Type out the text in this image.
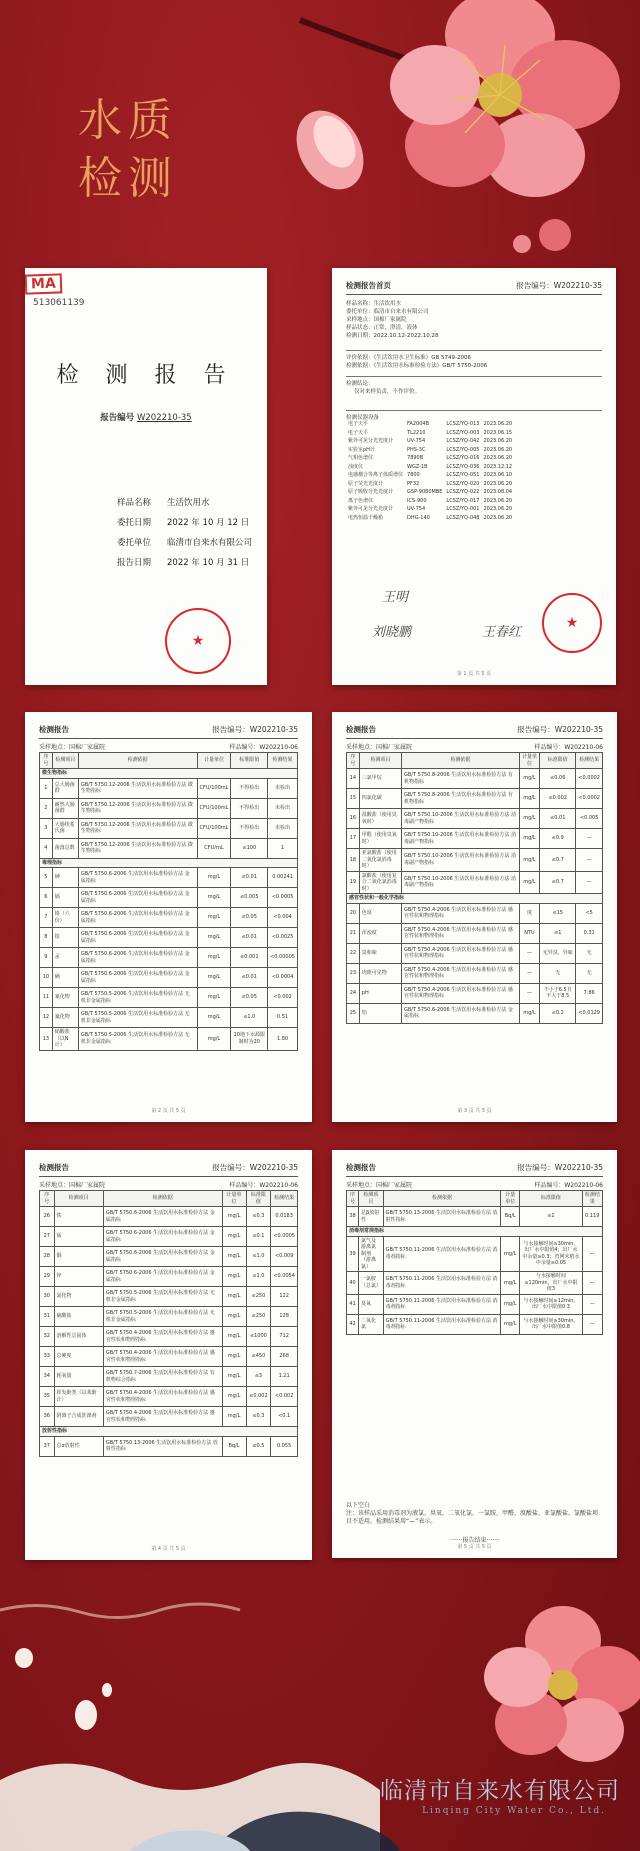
水质
检测
MA
513061139
检 测 报 告
报告编号 W202210-35
样品名称 生活饮用水
委托日期 2022 年 10 月 12 日
委托单位 临清市自来水有限公司
报告日期 2022 年 10 月 31 日
★
检测报告首页	报告编号：W202210-35
样品名称：生活饮用水
委托单位：临清市自来水有限公司
采样地点：国棉厂家属院
样品状态：正常，澄清，液体
检测日期：2022.10.12-2022.10.28
评价依据：《生活饮用水卫生标准》GB 5749-2006
检测依据：《生活饮用水标准检验方法》GB/T 5750-2006
检测结论：
仅对来样负责，不作评价。
检测仪器设备
电子天平	FA2004B	LCSZ/YQ-013	2023.06.20
电子天平	TL2210	LCSZ/YQ-003	2023.06.15
紫外可见分光光度计	UV-754	LCSZ/YQ-042	2023.06.20
实验室pH计	PHS-3C	LCSZ/YQ-005	2023.06.20
气相色谱仪	7890B	LCSZ/YQ-016	2023.06.20
浊度仪	WGZ-1B	LCSZ/YQ-036	2023.12.12
电感耦合等离子体质谱仪	7800	LCSZ/YQ-051	2023.06.10
原子荧光光度计	PF32	LCSZ/YQ-020	2023.06.20
原子吸收分光光度计	GSP-9080MBE	LCSZ/YQ-022	2023.08.04
离子色谱仪	ICS-900	LCSZ/YQ-017	2023.06.20
紫外可见分光光度计	UV-754	LCSZ/YQ-001	2023.06.20
电热恒温干燥箱	DHG-140	LCSZ/YQ-048	2023.06.20
王明
刘晓鹏	王春红
★
第 1 页 共 5 页
检测报告	报告编号：W202210-35
采样地点：国棉厂家属院	样品编号：W202210-06
序号	检测项目	检测依据	计量单位	标准限值	检测结果
微生物指标					
1	总大肠菌群	GB/T 5750.12-2006 生活饮用水标准检验方法 微生物指标	CFU/100mL	不得检出	未检出
2	耐热大肠菌群	GB/T 5750.12-2006 生活饮用水标准检验方法 微生物指标	CFU/100mL	不得检出	未检出
3	大肠埃希氏菌	GB/T 5750.12-2006 生活饮用水标准检验方法 微生物指标	CFU/100mL	不得检出	未检出
4	菌落总数	GB/T 5750.12-2006 生活饮用水标准检验方法 微生物指标	CFU/mL	≤100	1
毒理指标					
5	砷	GB/T 5750.6-2006 生活饮用水标准检验方法 金属指标	mg/L	≤0.01	0.00241
6	镉	GB/T 5750.6-2006 生活饮用水标准检验方法 金属指标	mg/L	≤0.005	<0.0005
7	铬（六价）	GB/T 5750.6-2006 生活饮用水标准检验方法 金属指标	mg/L	≤0.05	<0.004
8	铅	GB/T 5750.6-2006 生活饮用水标准检验方法 金属指标	mg/L	≤0.01	<0.0025
9	汞	GB/T 5750.6-2006 生活饮用水标准检验方法 金属指标	mg/L	≤0.001	<0.00005
10	硒	GB/T 5750.6-2006 生活饮用水标准检验方法 金属指标	mg/L	≤0.01	<0.0004
11	氰化物	GB/T 5750.5-2006 生活饮用水标准检验方法 无机非金属指标	mg/L	≤0.05	<0.002
12	氟化物	GB/T 5750.5-2006 生活饮用水标准检验方法 无机非金属指标	mg/L	≤1.0	0.51
13	硝酸盐（以N计）	GB/T 5750.5-2006 生活饮用水标准检验方法 无机非金属指标	mg/L	10地下水源限制时为20	1.80
第 2 页 共 5 页
检测报告	报告编号：W202210-35
采样地点：国棉厂家属院	样品编号：W202210-06
序号	检测项目	检测依据	计量单位	标准限值	检测结果
14	三氯甲烷	GB/T 5750.8-2006 生活饮用水标准检验方法 有机物指标	mg/L	≤0.06	<0.0002
15	四氯化碳	GB/T 5750.8-2006 生活饮用水标准检验方法 有机物指标	mg/L	≤0.002	<0.0002
16	溴酸盐（使用臭氧时）	GB/T 5750.10-2006 生活饮用水标准检验方法 消毒副产物指标	mg/L	≤0.01	<0.005
17	甲醛（使用臭氧时）	GB/T 5750.10-2006 生活饮用水标准检验方法 消毒副产物指标	mg/L	≤0.9	—
18	亚氯酸盐（使用二氧化氯消毒时）	GB/T 5750.10-2006 生活饮用水标准检验方法 消毒副产物指标	mg/L	≤0.7	—
19	氯酸盐（使用复合二氧化氯消毒时）	GB/T 5750.10-2006 生活饮用水标准检验方法 消毒副产物指标	mg/L	≤0.7	—
感官性状和一般化学指标					
20	色度	GB/T 5750.4-2006 生活饮用水标准检验方法 感官性状和物理指标	度	≤15	<5
21	浑浊度	GB/T 5750.4-2006 生活饮用水标准检验方法 感官性状和物理指标	NTU	≤1	0.31
22	臭和味	GB/T 5750.4-2006 生活饮用水标准检验方法 感官性状和物理指标	—	无异臭、异味	无
23	肉眼可见物	GB/T 5750.4-2006 生活饮用水标准检验方法 感官性状和物理指标	—	无	无
24	pH	GB/T 5750.4-2006 生活饮用水标准检验方法 感官性状和物理指标	—	不小于6.5且不大于8.5	7.86
25	铝	GB/T 5750.6-2006 生活饮用水标准检验方法 金属指标	mg/L	≤0.2	<0.0129
第 3 页 共 5 页
检测报告	报告编号：W202210-35
采样地点：国棉厂家属院	样品编号：W202210-06
序号	检测项目	检测依据	计量单位	标准限值	检测结果
26	铁	GB/T 5750.6-2006 生活饮用水标准检验方法 金属指标	mg/L	≤0.3	0.0183
27	锰	GB/T 5750.6-2006 生活饮用水标准检验方法 金属指标	mg/L	≤0.1	<0.0005
28	铜	GB/T 5750.6-2006 生活饮用水标准检验方法 金属指标	mg/L	≤1.0	<0.009
29	锌	GB/T 5750.6-2006 生活饮用水标准检验方法 金属指标	mg/L	≤1.0	<0.0054
30	氯化物	GB/T 5750.5-2006 生活饮用水标准检验方法 无机非金属指标	mg/L	≤250	122
31	硫酸盐	GB/T 5750.5-2006 生活饮用水标准检验方法 无机非金属指标	mg/L	≤250	128
32	溶解性总固体	GB/T 5750.4-2006 生活饮用水标准检验方法 感官性状和物理指标	mg/L	≤1000	712
33	总硬度	GB/T 5750.4-2006 生活饮用水标准检验方法 感官性状和物理指标	mg/L	≤450	268
34	耗氧量	GB/T 5750.7-2006 生活饮用水标准检验方法 有机物综合指标	mg/L	≤3	1.21
35	挥发酚类（以苯酚计）	GB/T 5750.4-2006 生活饮用水标准检验方法 感官性状和物理指标	mg/L	≤0.002	<0.002
36	阴离子合成洗涤剂	GB/T 5750.4-2006 生活饮用水标准检验方法 感官性状和物理指标	mg/L	≤0.3	<0.1
放射性指标					
37	总α放射性	GB/T 5750.13-2006 生活饮用水标准检验方法 放射性指标	Bq/L	≤0.5	0.055
第 4 页 共 5 页
检测报告	报告编号：W202210-35
采样地点：国棉厂家属院	样品编号：W202210-06
序号	检测项目	检测依据	计量单位	标准限值	检测结果
38	总β放射性	GB/T 5750.13-2006 生活饮用水标准检验方法 放射性指标	Bq/L	≤1	0.119
消毒剂常规指标					
39	氯气及游离氯制剂（游离氯）	GB/T 5750.11-2006 生活饮用水标准检验方法 消毒剂指标	mg/L	与水接触时间≥30min，出厂水中限值4；出厂水中余量≥0.3；管网末梢水中余量≥0.05	—
40	一氯胺（总氯）	GB/T 5750.11-2006 生活饮用水标准检验方法 消毒剂指标	mg/L	与水接触时间≥120min，出厂水中限值3	—
41	臭氧	GB/T 5750.11-2006 生活饮用水标准检验方法 消毒剂指标	mg/L	与水接触时间≥12min，出厂水中限值0.3	—
42	二氧化氯	GB/T 5750.11-2006 生活饮用水标准检验方法 消毒剂指标	mg/L	与水接触时间≥30min，出厂水中限值0.8	—
以下空白
注：该样品采用消毒剂为液氯，臭氧、二氧化氯、一氯胺、甲醛、溴酸盐、亚氯酸盐、氯酸盐项目不适用，检测结果用“—”表示。
·······报告结束·······
第 5 页 共 5 页
临清市自来水有限公司
Linqing City Water Co., Ltd.
